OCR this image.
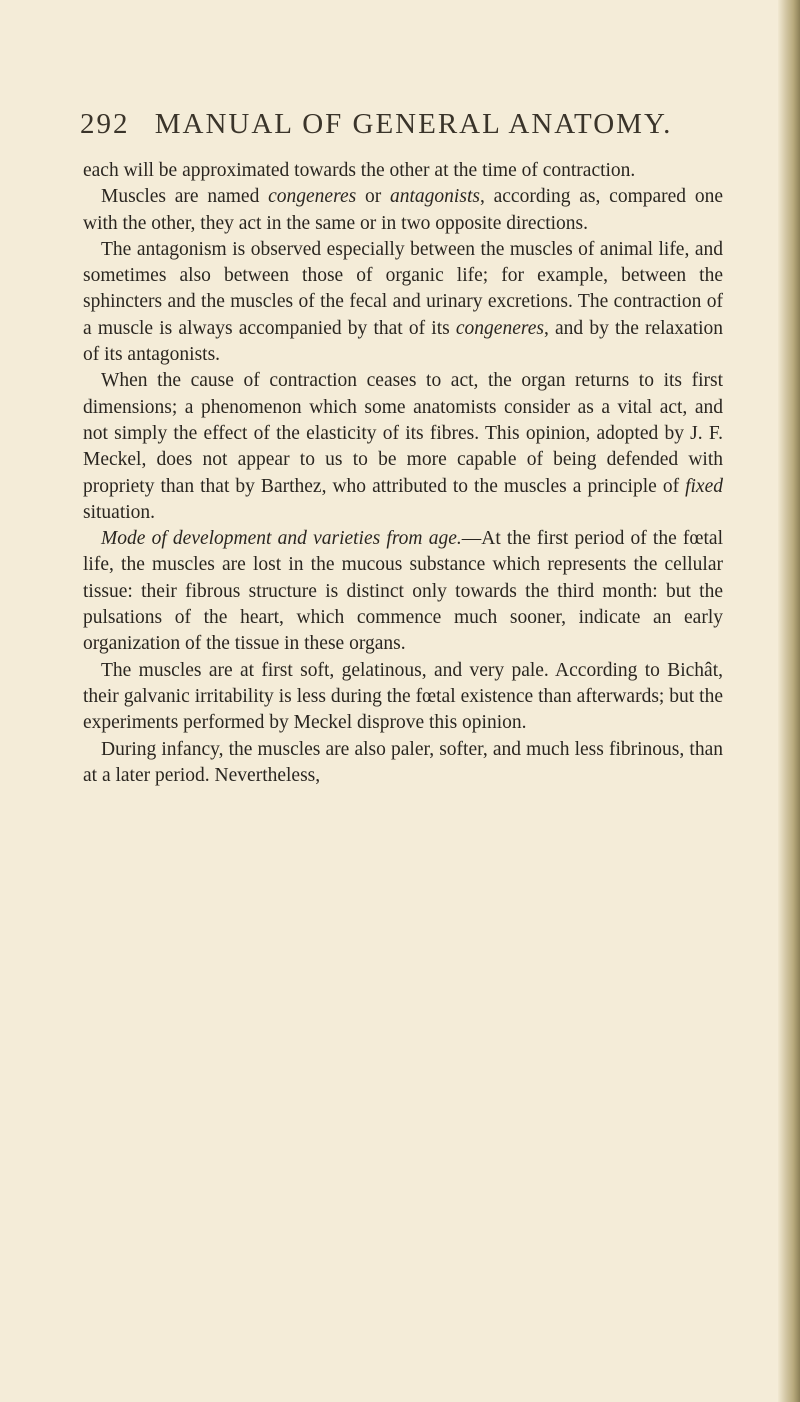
292 MANUAL OF GENERAL ANATOMY.

each will be approximated towards the other at the time of contraction.

Muscles are named congeneres or antagonists, according as, compared one with the other, they act in the same or in two opposite directions.

The antagonism is observed especially between the muscles of animal life, and sometimes also between those of organic life; for example, between the sphincters and the muscles of the fecal and urinary excretions. The contraction of a muscle is always accompanied by that of its congeneres, and by the relaxation of its antagonists.

When the cause of contraction ceases to act, the organ returns to its first dimensions; a phenomenon which some anatomists consider as a vital act, and not simply the effect of the elasticity of its fibres. This opinion, adopted by J. F. Meckel, does not appear to us to be more capable of being defended with propriety than that by Barthez, who attributed to the muscles a principle of fixed situation.

Mode of development and varieties from age.—At the first period of the fœtal life, the muscles are lost in the mucous substance which represents the cellular tissue: their fibrous structure is distinct only towards the third month: but the pulsations of the heart, which commence much sooner, indicate an early organization of the tissue in these organs.

The muscles are at first soft, gelatinous, and very pale. According to Bichât, their galvanic irritability is less during the fœtal existence than afterwards; but the experiments performed by Meckel disprove this opinion.

During infancy, the muscles are also paler, softer, and much less fibrinous, than at a later period. Nevertheless,
